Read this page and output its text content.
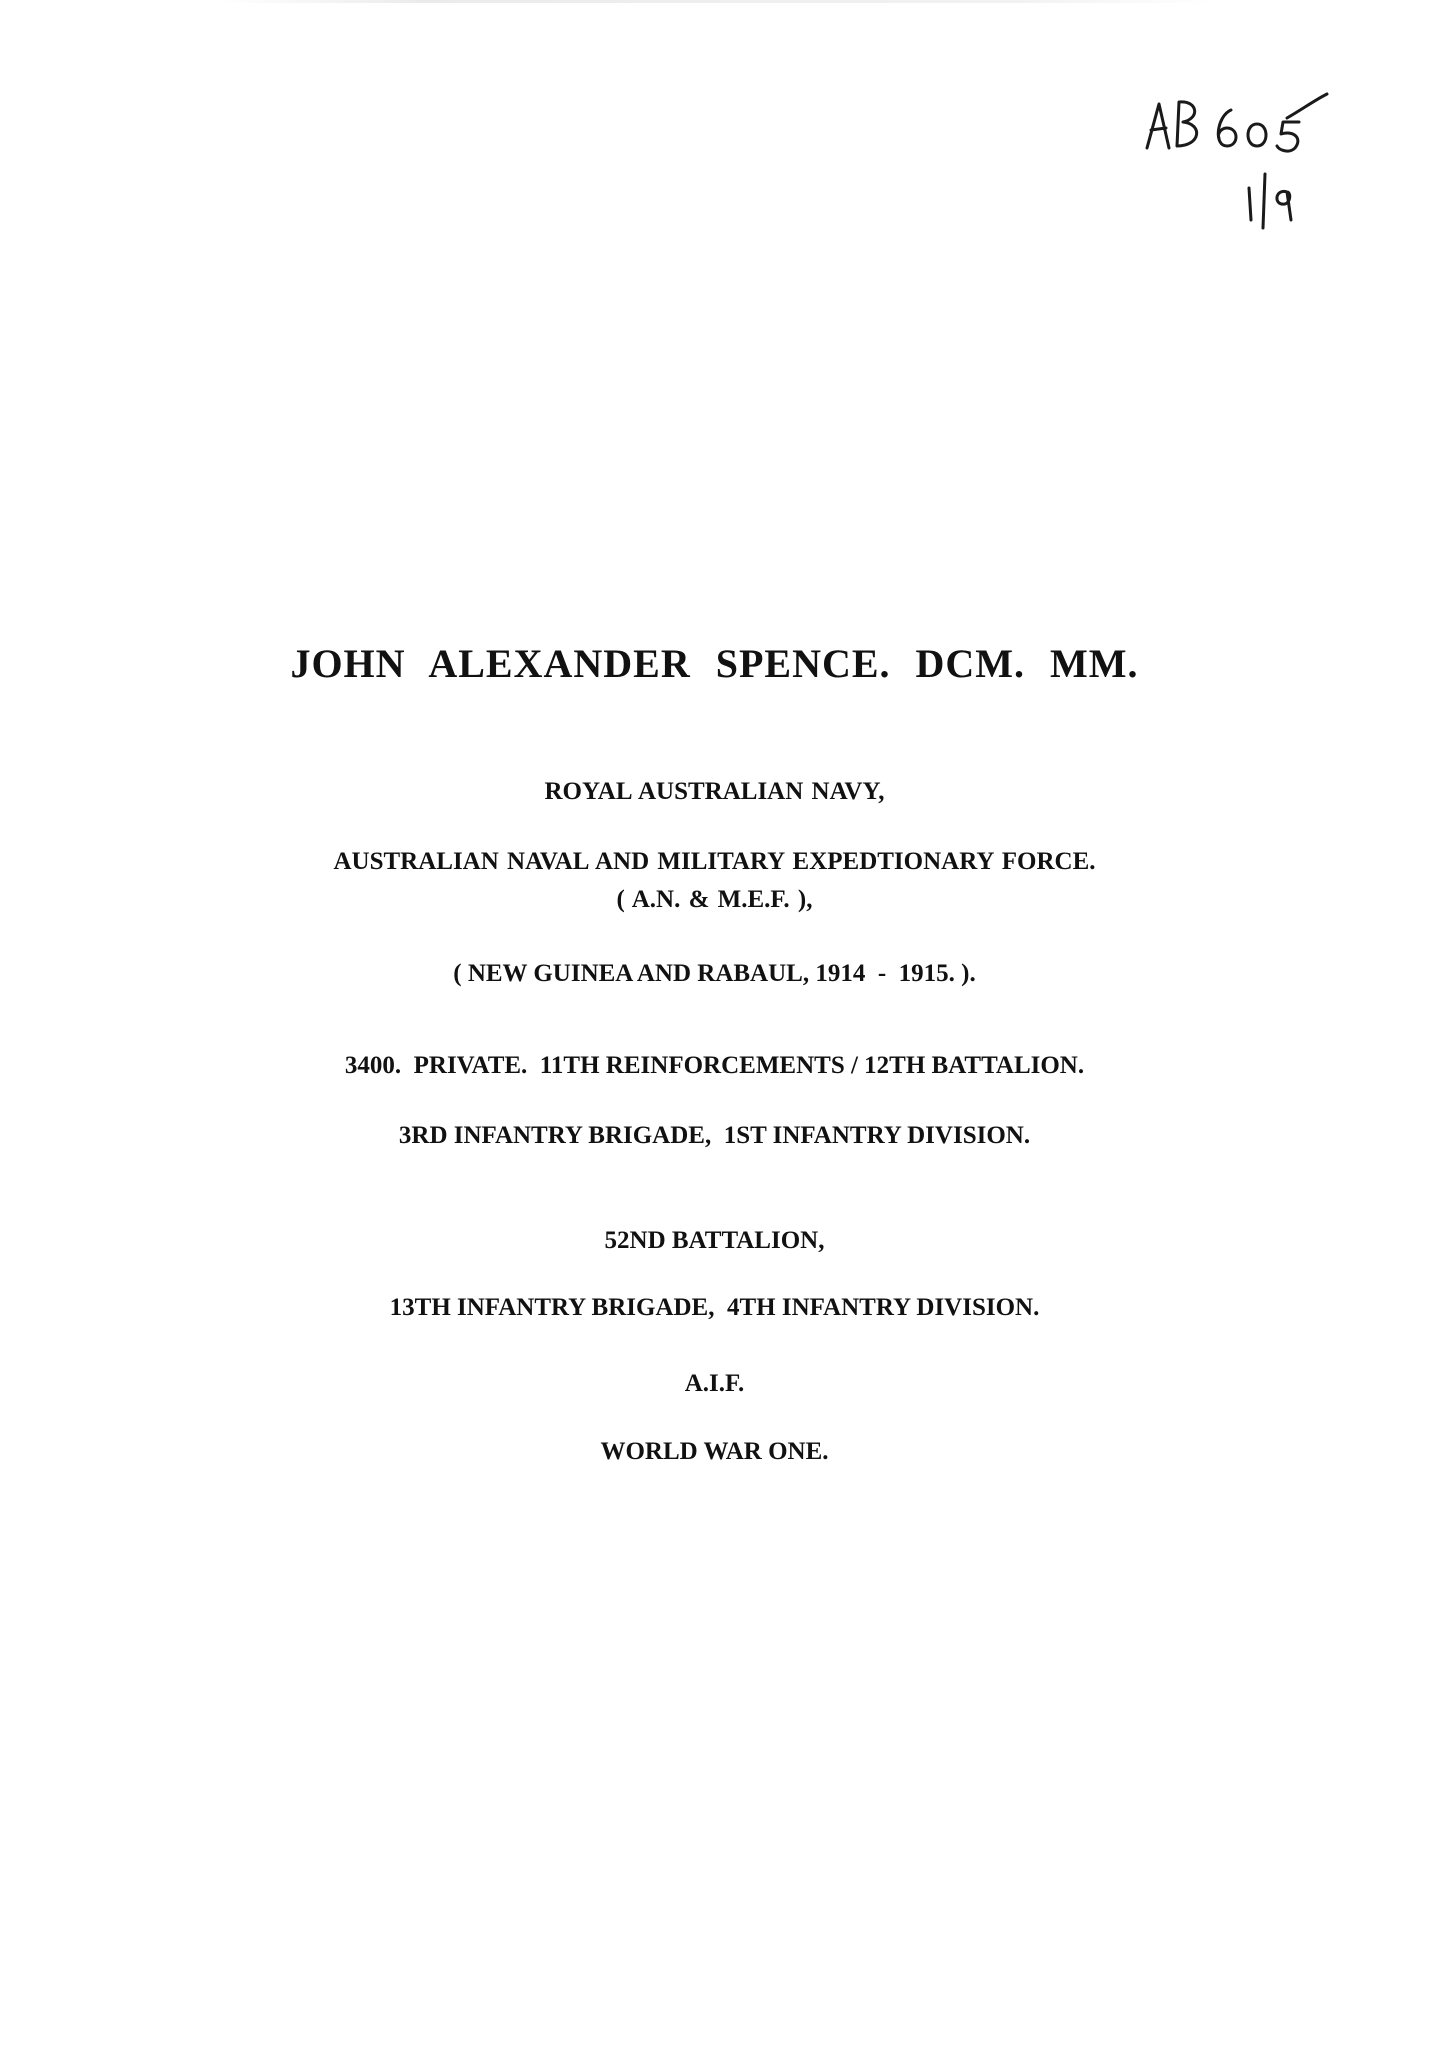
JOHN ALEXANDER SPENCE. DCM. MM.
ROYAL AUSTRALIAN NAVY,
AUSTRALIAN NAVAL AND MILITARY EXPEDTIONARY FORCE.
( A.N. & M.E.F. ),
( NEW GUINEA AND RABAUL, 1914  -  1915. ).
3400.  PRIVATE.  11TH REINFORCEMENTS / 12TH BATTALION.
3RD INFANTRY BRIGADE,  1ST INFANTRY DIVISION.
52ND BATTALION,
13TH INFANTRY BRIGADE,  4TH INFANTRY DIVISION.
A.I.F.
WORLD WAR ONE.
